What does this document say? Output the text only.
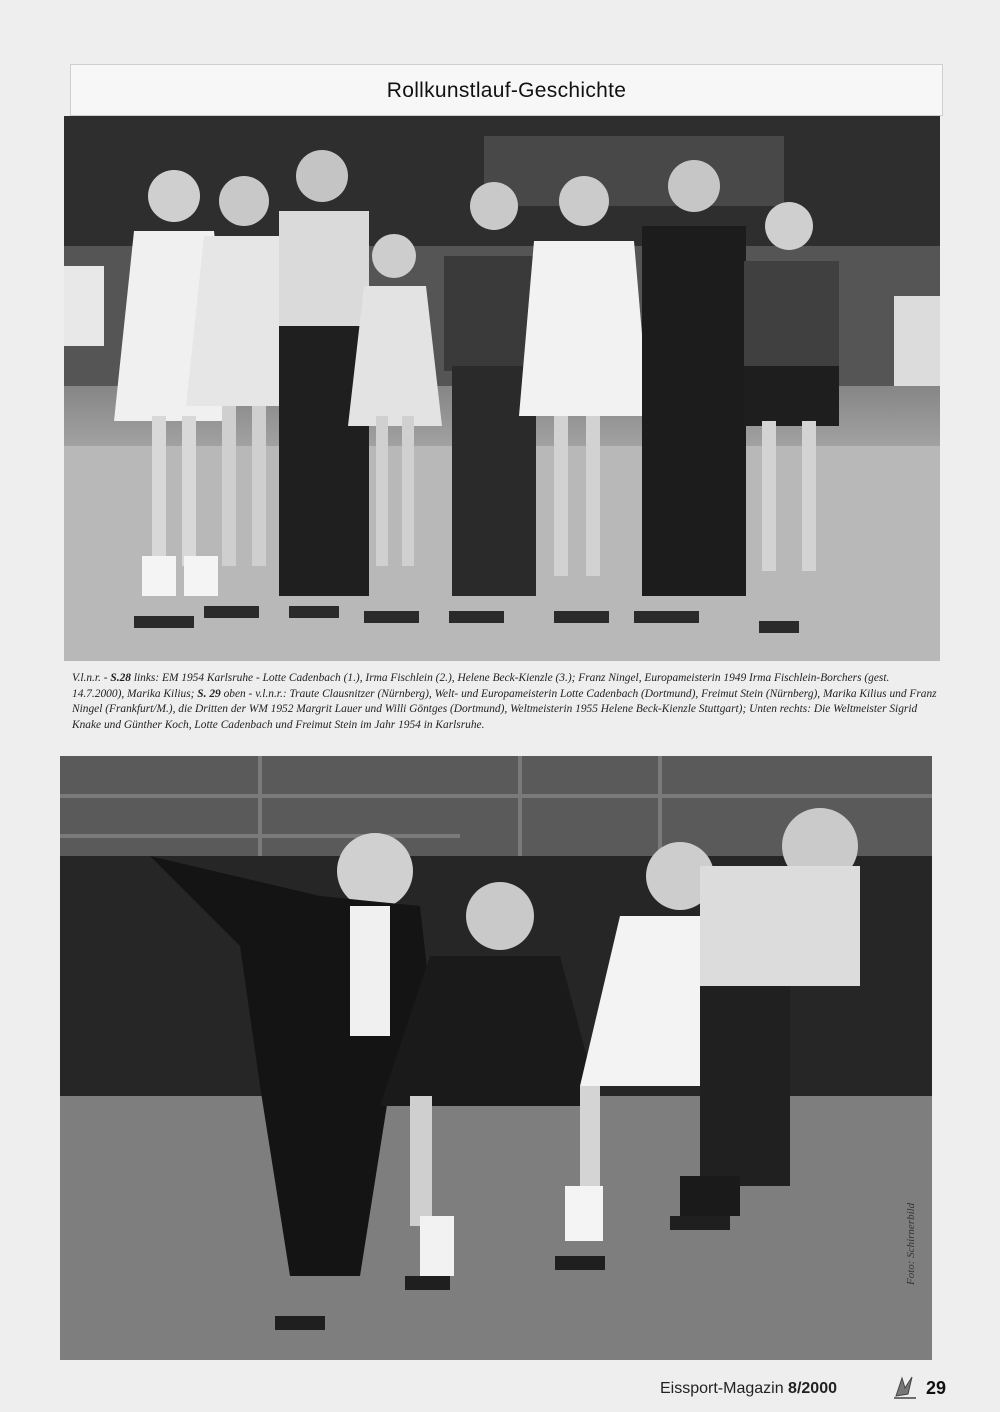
Rollkunstlauf-Geschichte
V.l.n.r. - S.28 links: EM 1954 Karlsruhe - Lotte Cadenbach (1.), Irma Fischlein (2.), Helene Beck-Kienzle (3.); Franz Ningel, Europameisterin 1949 Irma Fischlein-Borchers (gest. 14.7.2000), Marika Kilius; S. 29 oben - v.l.n.r.: Traute Clausnitzer (Nürnberg), Welt- und Europameisterin Lotte Cadenbach (Dortmund), Freimut Stein (Nürnberg), Marika Kilius und Franz Ningel (Frankfurt/M.), die Dritten der WM 1952 Margrit Lauer und Willi Göntges (Dortmund), Weltmeisterin 1955 Helene Beck-Kienzle Stuttgart); Unten rechts: Die Weltmeister Sigrid Knake und Günther Koch, Lotte Cadenbach und Freimut Stein im Jahr 1954 in Karlsruhe.
Foto: Schirnerbild
Eissport-Magazin 8/2000	29
